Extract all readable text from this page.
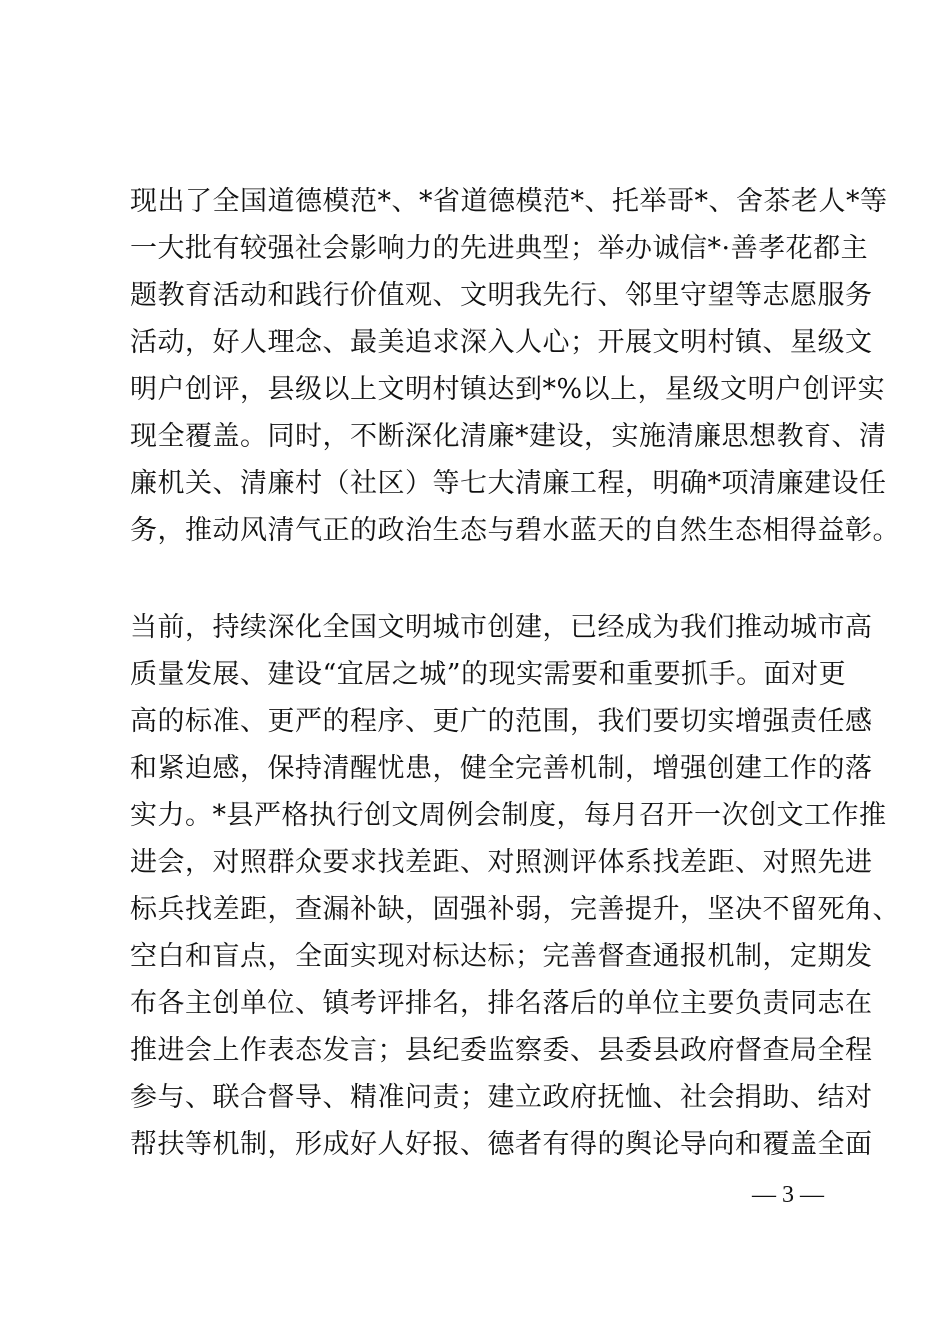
现出了全国道德模范*、*省道德模范*、托举哥*、舍茶老人*等
一大批有较强社会影响力的先进典型；举办诚信*·善孝花都主
题教育活动和践行价值观、文明我先行、邻里守望等志愿服务
活动，好人理念、最美追求深入人心；开展文明村镇、星级文
明户创评，县级以上文明村镇达到*%以上，星级文明户创评实
现全覆盖。同时，不断深化清廉*建设，实施清廉思想教育、清
廉机关、清廉村（社区）等七大清廉工程，明确*项清廉建设任
务，推动风清气正的政治生态与碧水蓝天的自然生态相得益彰。
当前，持续深化全国文明城市创建，已经成为我们推动城市高
质量发展、建设“宜居之城”的现实需要和重要抓手。面对更
高的标准、更严的程序、更广的范围，我们要切实增强责任感
和紧迫感，保持清醒忧患，健全完善机制，增强创建工作的落
实力。*县严格执行创文周例会制度，每月召开一次创文工作推
进会，对照群众要求找差距、对照测评体系找差距、对照先进
标兵找差距，查漏补缺，固强补弱，完善提升，坚决不留死角、
空白和盲点，全面实现对标达标；完善督查通报机制，定期发
布各主创单位、镇考评排名，排名落后的单位主要负责同志在
推进会上作表态发言；县纪委监察委、县委县政府督查局全程
参与、联合督导、精准问责；建立政府抚恤、社会捐助、结对
帮扶等机制，形成好人好报、德者有得的舆论导向和覆盖全面
— 3 —
